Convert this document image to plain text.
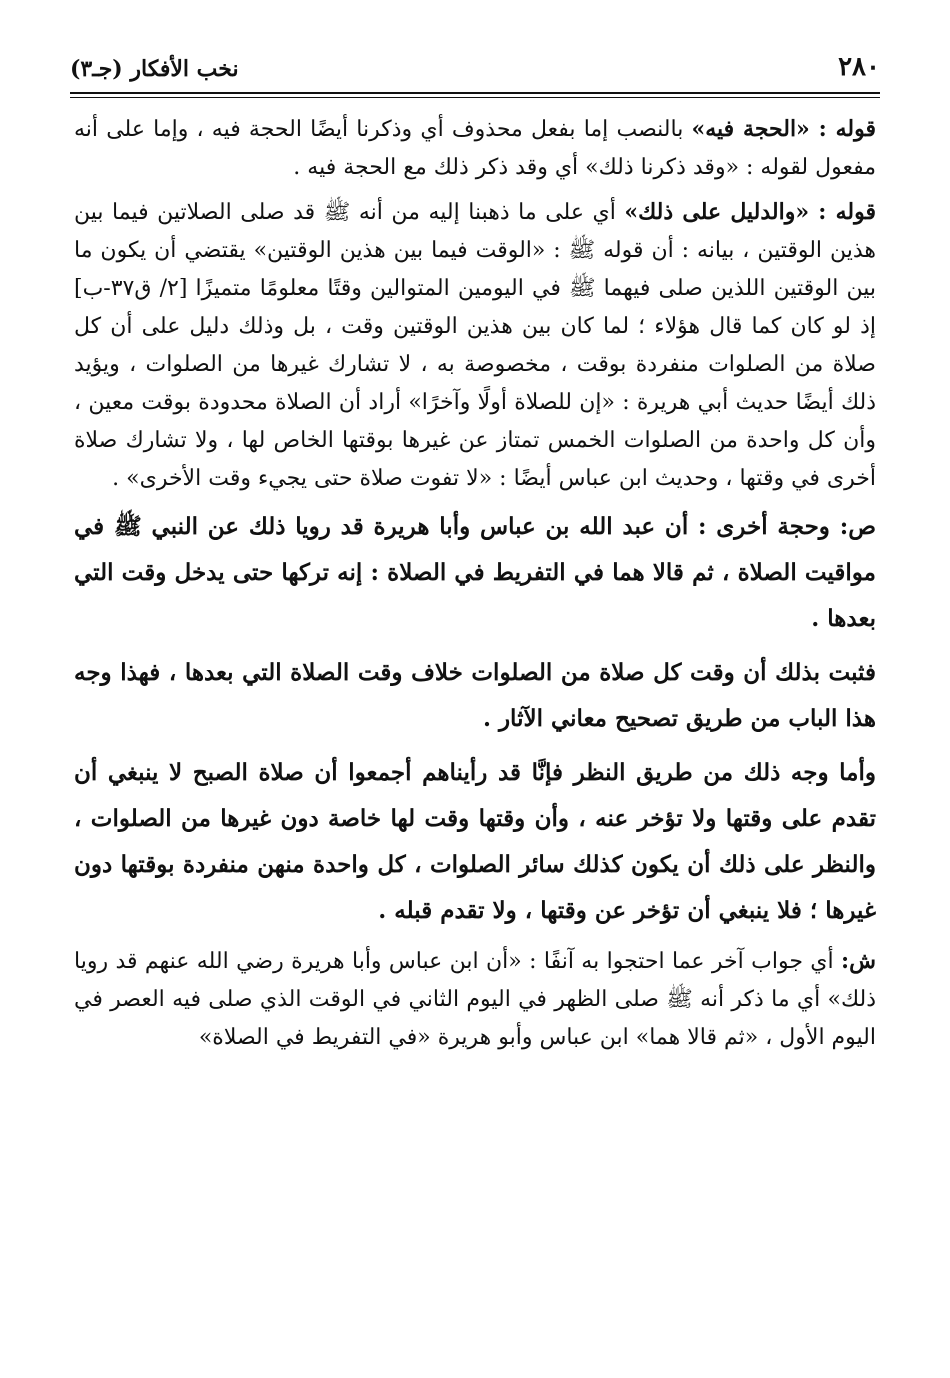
نخب الأفكار (جـ٣)	٢٨٠

قوله : «الحجة فيه» بالنصب إما بفعل محذوف أي وذكرنا أيضًا الحجة فيه ، وإما على أنه مفعول لقوله : «وقد ذكرنا ذلك» أي وقد ذكر ذلك مع الحجة فيه .

قوله : «والدليل على ذلك» أي على ما ذهبنا إليه من أنه ﷺ قد صلى الصلاتين فيما بين هذين الوقتين ، بيانه : أن قوله ﷺ : «الوقت فيما بين هذين الوقتين» يقتضي أن يكون ما بين الوقتين اللذين صلى فيهما ﷺ في اليومين المتوالين وقتًا معلومًا متميزًا [٢/ ق٣٧-ب] إذ لو كان كما قال هؤلاء ؛ لما كان بين هذين الوقتين وقت ، بل وذلك دليل على أن كل صلاة من الصلوات منفردة بوقت ، مخصوصة به ، لا تشارك غيرها من الصلوات ، ويؤيد ذلك أيضًا حديث أبي هريرة : «إن للصلاة أولًا وآخرًا» أراد أن الصلاة محدودة بوقت معين ، وأن كل واحدة من الصلوات الخمس تمتاز عن غيرها بوقتها الخاص لها ، ولا تشارك صلاة أخرى في وقتها ، وحديث ابن عباس أيضًا : «لا تفوت صلاة حتى يجيء وقت الأخرى» .

ص: وحجة أخرى : أن عبد الله بن عباس وأبا هريرة قد رويا ذلك عن النبي ﷺ في مواقيت الصلاة ، ثم قالا هما في التفريط في الصلاة : إنه تركها حتى يدخل وقت التي بعدها .

فثبت بذلك أن وقت كل صلاة من الصلوات خلاف وقت الصلاة التي بعدها ، فهذا وجه هذا الباب من طريق تصحيح معاني الآثار .

وأما وجه ذلك من طريق النظر فإنَّا قد رأيناهم أجمعوا أن صلاة الصبح لا ينبغي أن تقدم على وقتها ولا تؤخر عنه ، وأن وقتها وقت لها خاصة دون غيرها من الصلوات ، والنظر على ذلك أن يكون كذلك سائر الصلوات ، كل واحدة منهن منفردة بوقتها دون غيرها ؛ فلا ينبغي أن تؤخر عن وقتها ، ولا تقدم قبله .

ش: أي جواب آخر عما احتجوا به آنفًا : «أن ابن عباس وأبا هريرة رضي الله عنهم قد رويا ذلك» أي ما ذكر أنه ﷺ صلى الظهر في اليوم الثاني في الوقت الذي صلى فيه العصر في اليوم الأول ، «ثم قالا هما» ابن عباس وأبو هريرة «في التفريط في الصلاة»
